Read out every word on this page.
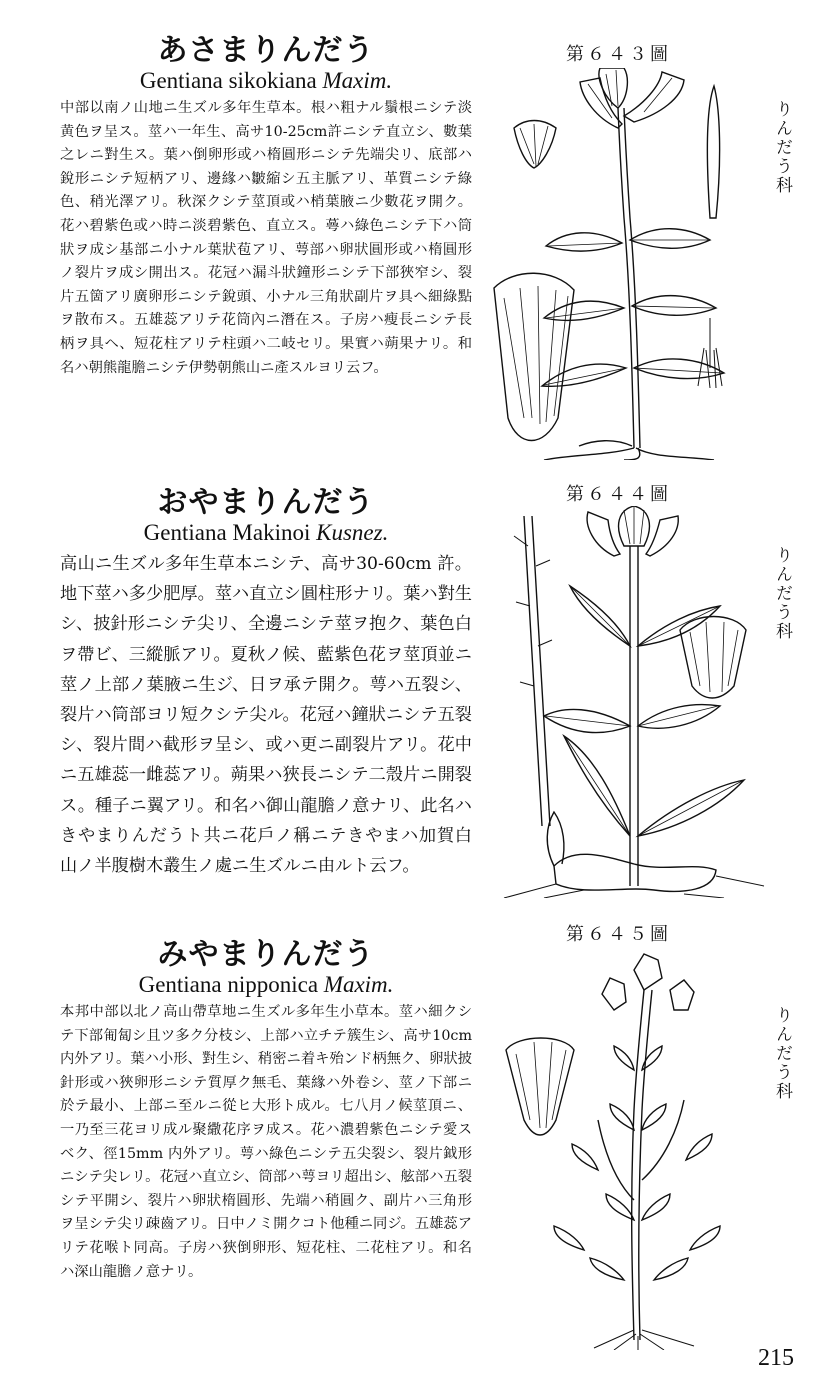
あさまりんだう
Gentiana sikokiana Maxim.
中部以南ノ山地ニ生ズル多年生草本。根ハ粗ナル鬚根ニシテ淡黄色ヲ呈ス。莖ハ一年生、高サ10-25cm許ニシテ直立シ、數葉之レニ對生ス。葉ハ倒卵形或ハ楕圓形ニシテ先端尖リ、底部ハ銳形ニシテ短柄アリ、邊緣ハ皺縮シ五主脈アリ、革質ニシテ綠色、稍光澤アリ。秋深クシテ莖頂或ハ梢葉腋ニ少數花ヲ開ク。花ハ碧紫色或ハ時ニ淡碧紫色、直立ス。蕚ハ綠色ニシテ下ハ筒狀ヲ成シ基部ニ小ナル葉狀苞アリ、萼部ハ卵狀圓形或ハ楕圓形ノ裂片ヲ成シ開出ス。花冠ハ漏斗狀鐘形ニシテ下部狹窄シ、裂片五箇アリ廣卵形ニシテ銳頭、小ナル三角狀副片ヲ具ヘ細綠點ヲ散布ス。五雄蕊アリテ花筒內ニ潛在ス。子房ハ瘦長ニシテ長柄ヲ具ヘ、短花柱アリテ柱頭ハ二岐セリ。果實ハ蒴果ナリ。和名ハ朝熊龍膽ニシテ伊勢朝熊山ニ產スルヨリ云フ。
第６４３圖
りんだう科
おやまりんだう
Gentiana Makinoi Kusnez.
高山ニ生ズル多年生草本ニシテ、高サ30-60cm 許。地下莖ハ多少肥厚。莖ハ直立シ圓柱形ナリ。葉ハ對生シ、披針形ニシテ尖リ、全邊ニシテ莖ヲ抱ク、葉色白ヲ帶ビ、三縱脈アリ。夏秋ノ候、藍紫色花ヲ莖頂並ニ莖ノ上部ノ葉腋ニ生ジ、日ヲ承テ開ク。萼ハ五裂シ、裂片ハ筒部ヨリ短クシテ尖ル。花冠ハ鐘狀ニシテ五裂シ、裂片間ハ截形ヲ呈シ、或ハ更ニ副裂片アリ。花中ニ五雄蕊一雌蕊アリ。蒴果ハ狹長ニシテ二殼片ニ開裂ス。種子ニ翼アリ。和名ハ御山龍膽ノ意ナリ、此名ハきやまりんだうト共ニ花戶ノ稱ニテきやまハ加賀白山ノ半腹樹木叢生ノ處ニ生ズルニ由ルト云フ。
第６４４圖
りんだう科
みやまりんだう
Gentiana nipponica Maxim.
本邦中部以北ノ高山帶草地ニ生ズル多年生小草本。莖ハ細クシテ下部匍匐シ且ツ多ク分枝シ、上部ハ立チテ簇生シ、高サ10cm内外アリ。葉ハ小形、對生シ、稍密ニ着キ殆ンド柄無ク、卵狀披針形或ハ狹卵形ニシテ質厚ク無毛、葉緣ハ外卷シ、莖ノ下部ニ於テ最小、上部ニ至ルニ從ヒ大形ト成ル。七八月ノ候莖頂ニ、一乃至三花ヨリ成ル聚繖花序ヲ成ス。花ハ濃碧紫色ニシテ愛スベク、徑15mm 内外アリ。萼ハ綠色ニシテ五尖裂シ、裂片鉞形ニシテ尖レリ。花冠ハ直立シ、筒部ハ萼ヨリ超出シ、舷部ハ五裂シテ平開シ、裂片ハ卵狀楕圓形、先端ハ稍圓ク、副片ハ三角形ヲ呈シテ尖リ疎齒アリ。日中ノミ開クコト他種ニ同ジ。五雄蕊アリテ花喉ト同高。子房ハ狹倒卵形、短花柱、二花柱アリ。和名ハ深山龍膽ノ意ナリ。
第６４５圖
りんだう科
215
